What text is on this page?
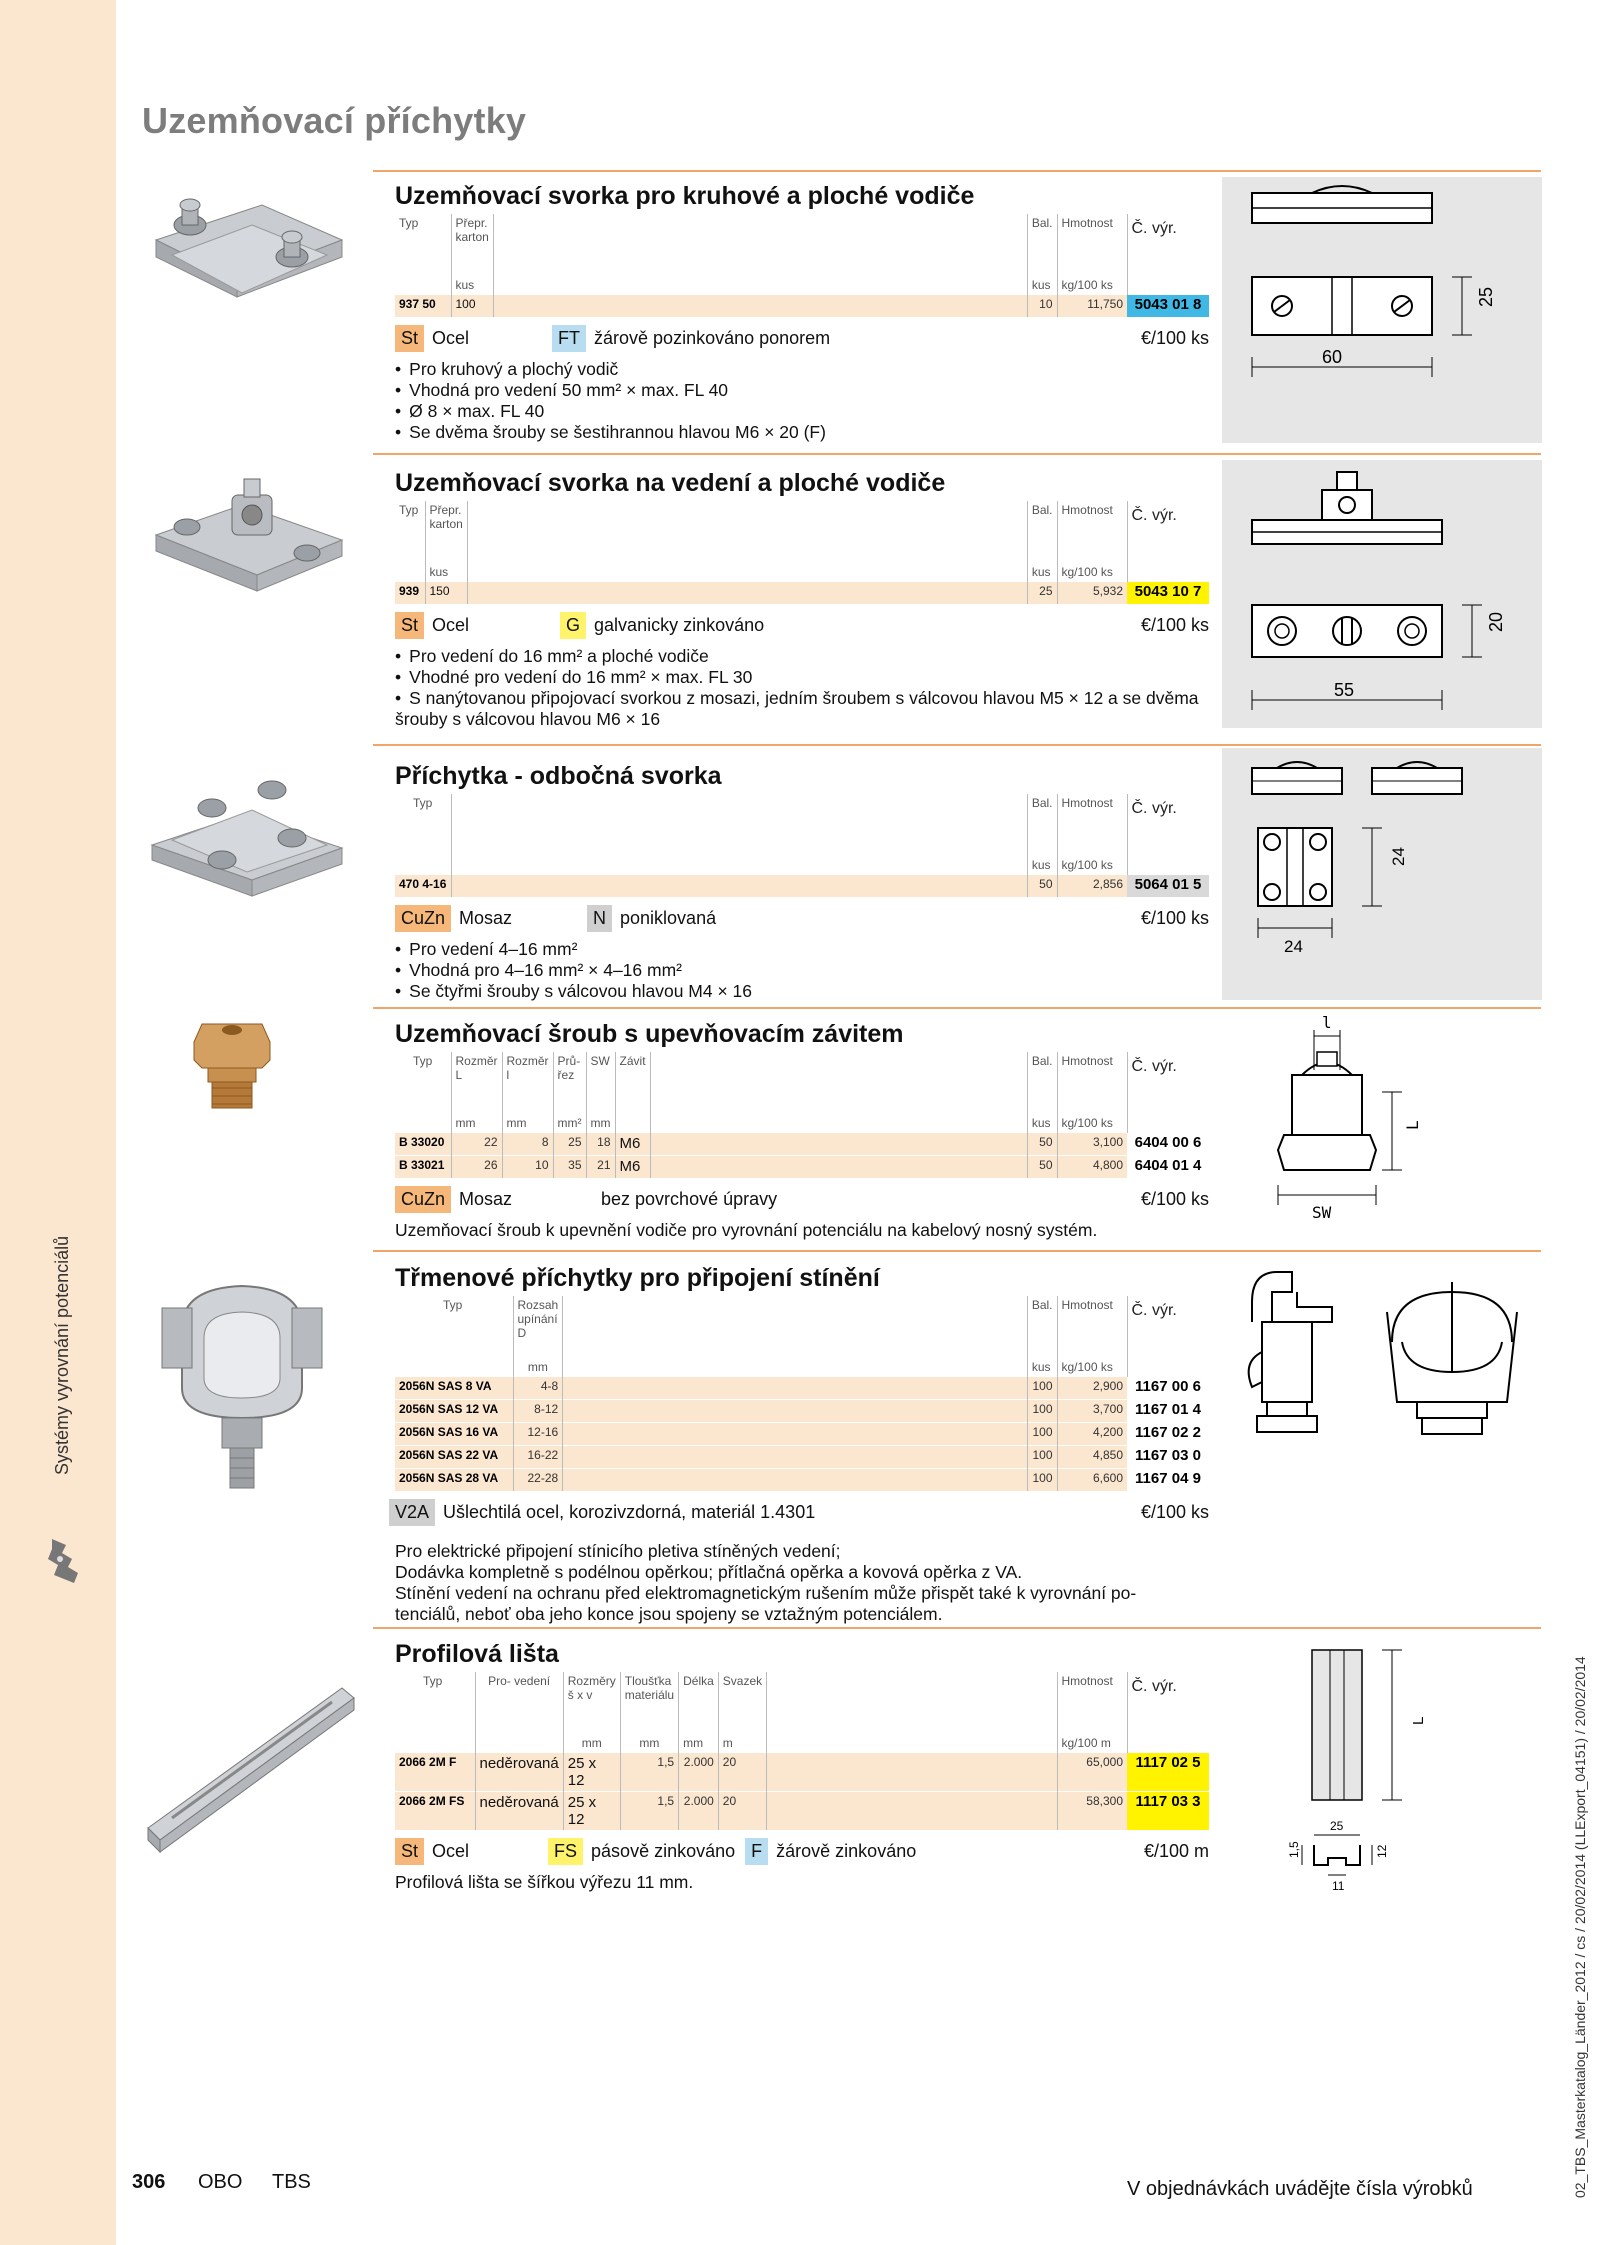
Systémy vyrovnání potenciálů
02_TBS_Masterkatalog_Länder_2012 / cs / 20/02/2014 (LLExport_04151) / 20/02/2014
Uzemňovací příchytky
60
25
Uzemňovací svorka pro kruhové a ploché vodiče
Typ	Přepr. karton		Bal.	Hmotnost	Č. výr.
	kus		kus	kg/100 ks	
937 50	100		10	11,750	5043 01 8
St Ocel	FT žárově pozinkováno ponorem	€/100 ks
• Pro kruhový a plochý vodič
• Vhodná pro vedení 50 mm² × max. FL 40
• Ø 8 × max. FL 40
• Se dvěma šrouby se šestihrannou hlavou M6 × 20 (F)
55
20
Uzemňovací svorka na vedení a ploché vodiče
Typ	Přepr. karton		Bal.	Hmotnost	Č. výr.
	kus		kus	kg/100 ks	
939	150		25	5,932	5043 10 7
St Ocel	G galvanicky zinkováno	€/100 ks
• Pro vedení do 16 mm² a ploché vodiče
• Vhodné pro vedení do 16 mm² × max. FL 30
• S nanýtovanou připojovací svorkou z mosazi, jedním šroubem s válcovou hlavou M5 × 12 a se dvěma šrouby s válcovou hlavou M6 × 16
24
24
Příchytka - odbočná svorka
Typ		Bal.	Hmotnost	Č. výr.
		kus	kg/100 ks	
470 4-16		50	2,856	5064 01 5
CuZn Mosaz	N poniklovaná	€/100 ks
• Pro vedení 4–16 mm²
• Vhodná pro 4–16 mm² × 4–16 mm²
• Se čtyřmi šrouby s válcovou hlavou M4 × 16
l
L
SW
Uzemňovací šroub s upevňovacím závitem
Typ	Rozměr L	Rozměr l	Prů- řez	SW	Závit		Bal.	Hmotnost	Č. výr.
	mm	mm	mm²	mm			kus	kg/100 ks	
B 33020	22	8	25	18	M6		50	3,100	6404 00 6
B 33021	26	10	35	21	M6		50	4,800	6404 01 4
CuZn Mosaz	bez povrchové úpravy	€/100 ks

Uzemňovací šroub k upevnění vodiče pro vyrovnání potenciálu na kabelový nosný systém.

Třmenové příchytky pro připojení stínění
Typ	Rozsah upínání D		Bal.	Hmotnost	Č. výr.
	mm		kus	kg/100 ks	
2056N SAS 8 VA	4-8		100	2,900	1167 00 6
2056N SAS 12 VA	8-12		100	3,700	1167 01 4
2056N SAS 16 VA	12-16		100	4,200	1167 02 2
2056N SAS 22 VA	16-22		100	4,850	1167 03 0
2056N SAS 28 VA	22-28		100	6,600	1167 04 9
V2A Ušlechtilá ocel, korozivzdorná, materiál 1.4301	€/100 ks

Pro elektrické připojení stínicího pletiva stíněných vedení;
Dodávka kompletně s podélnou opěrkou; přítlačná opěrka a kovová opěrka z VA.
Stínění vedení na ochranu před elektromagnetickým rušením může přispět také k vyrovnání po-
tenciálů, neboť oba jeho konce jsou spojeny se vztažným potenciálem.

L
25
12
1,5
11
Profilová lišta
Typ	Pro- vedení	Rozměry š x v	Tloušťka materiálu	Délka	Svazek		Hmotnost	Č. výr.
		mm	mm	mm	m		kg/100 m	
2066 2M F	neděrovaná	25 x 12	1,5	2.000	20		65,000	1117 02 5
2066 2M FS	neděrovaná	25 x 12	1,5	2.000	20		58,300	1117 03 3
St Ocel	FS pásově zinkováno F žárově zinkováno	€/100 m

Profilová lišta se šířkou výřezu 11 mm.

306 OBO TBS	V objednávkách uvádějte čísla výrobků
